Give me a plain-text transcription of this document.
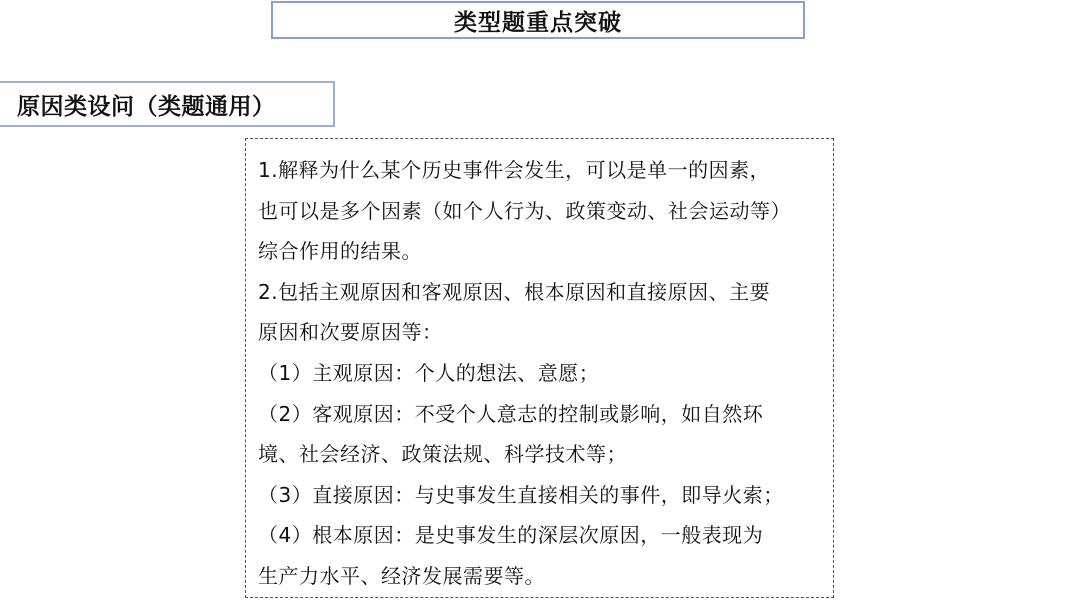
类型题重点突破
原因类设问（类题通用）
1.解释为什么某个历史事件会发生，可以是单一的因素，
也可以是多个因素（如个人行为、政策变动、社会运动等）
综合作用的结果。
2.包括主观原因和客观原因、根本原因和直接原因、主要
原因和次要原因等：
（1）主观原因：个人的想法、意愿；
（2）客观原因：不受个人意志的控制或影响，如自然环
境、社会经济、政策法规、科学技术等；
（3）直接原因：与史事发生直接相关的事件，即导火索；
（4）根本原因：是史事发生的深层次原因，一般表现为
生产力水平、经济发展需要等。
